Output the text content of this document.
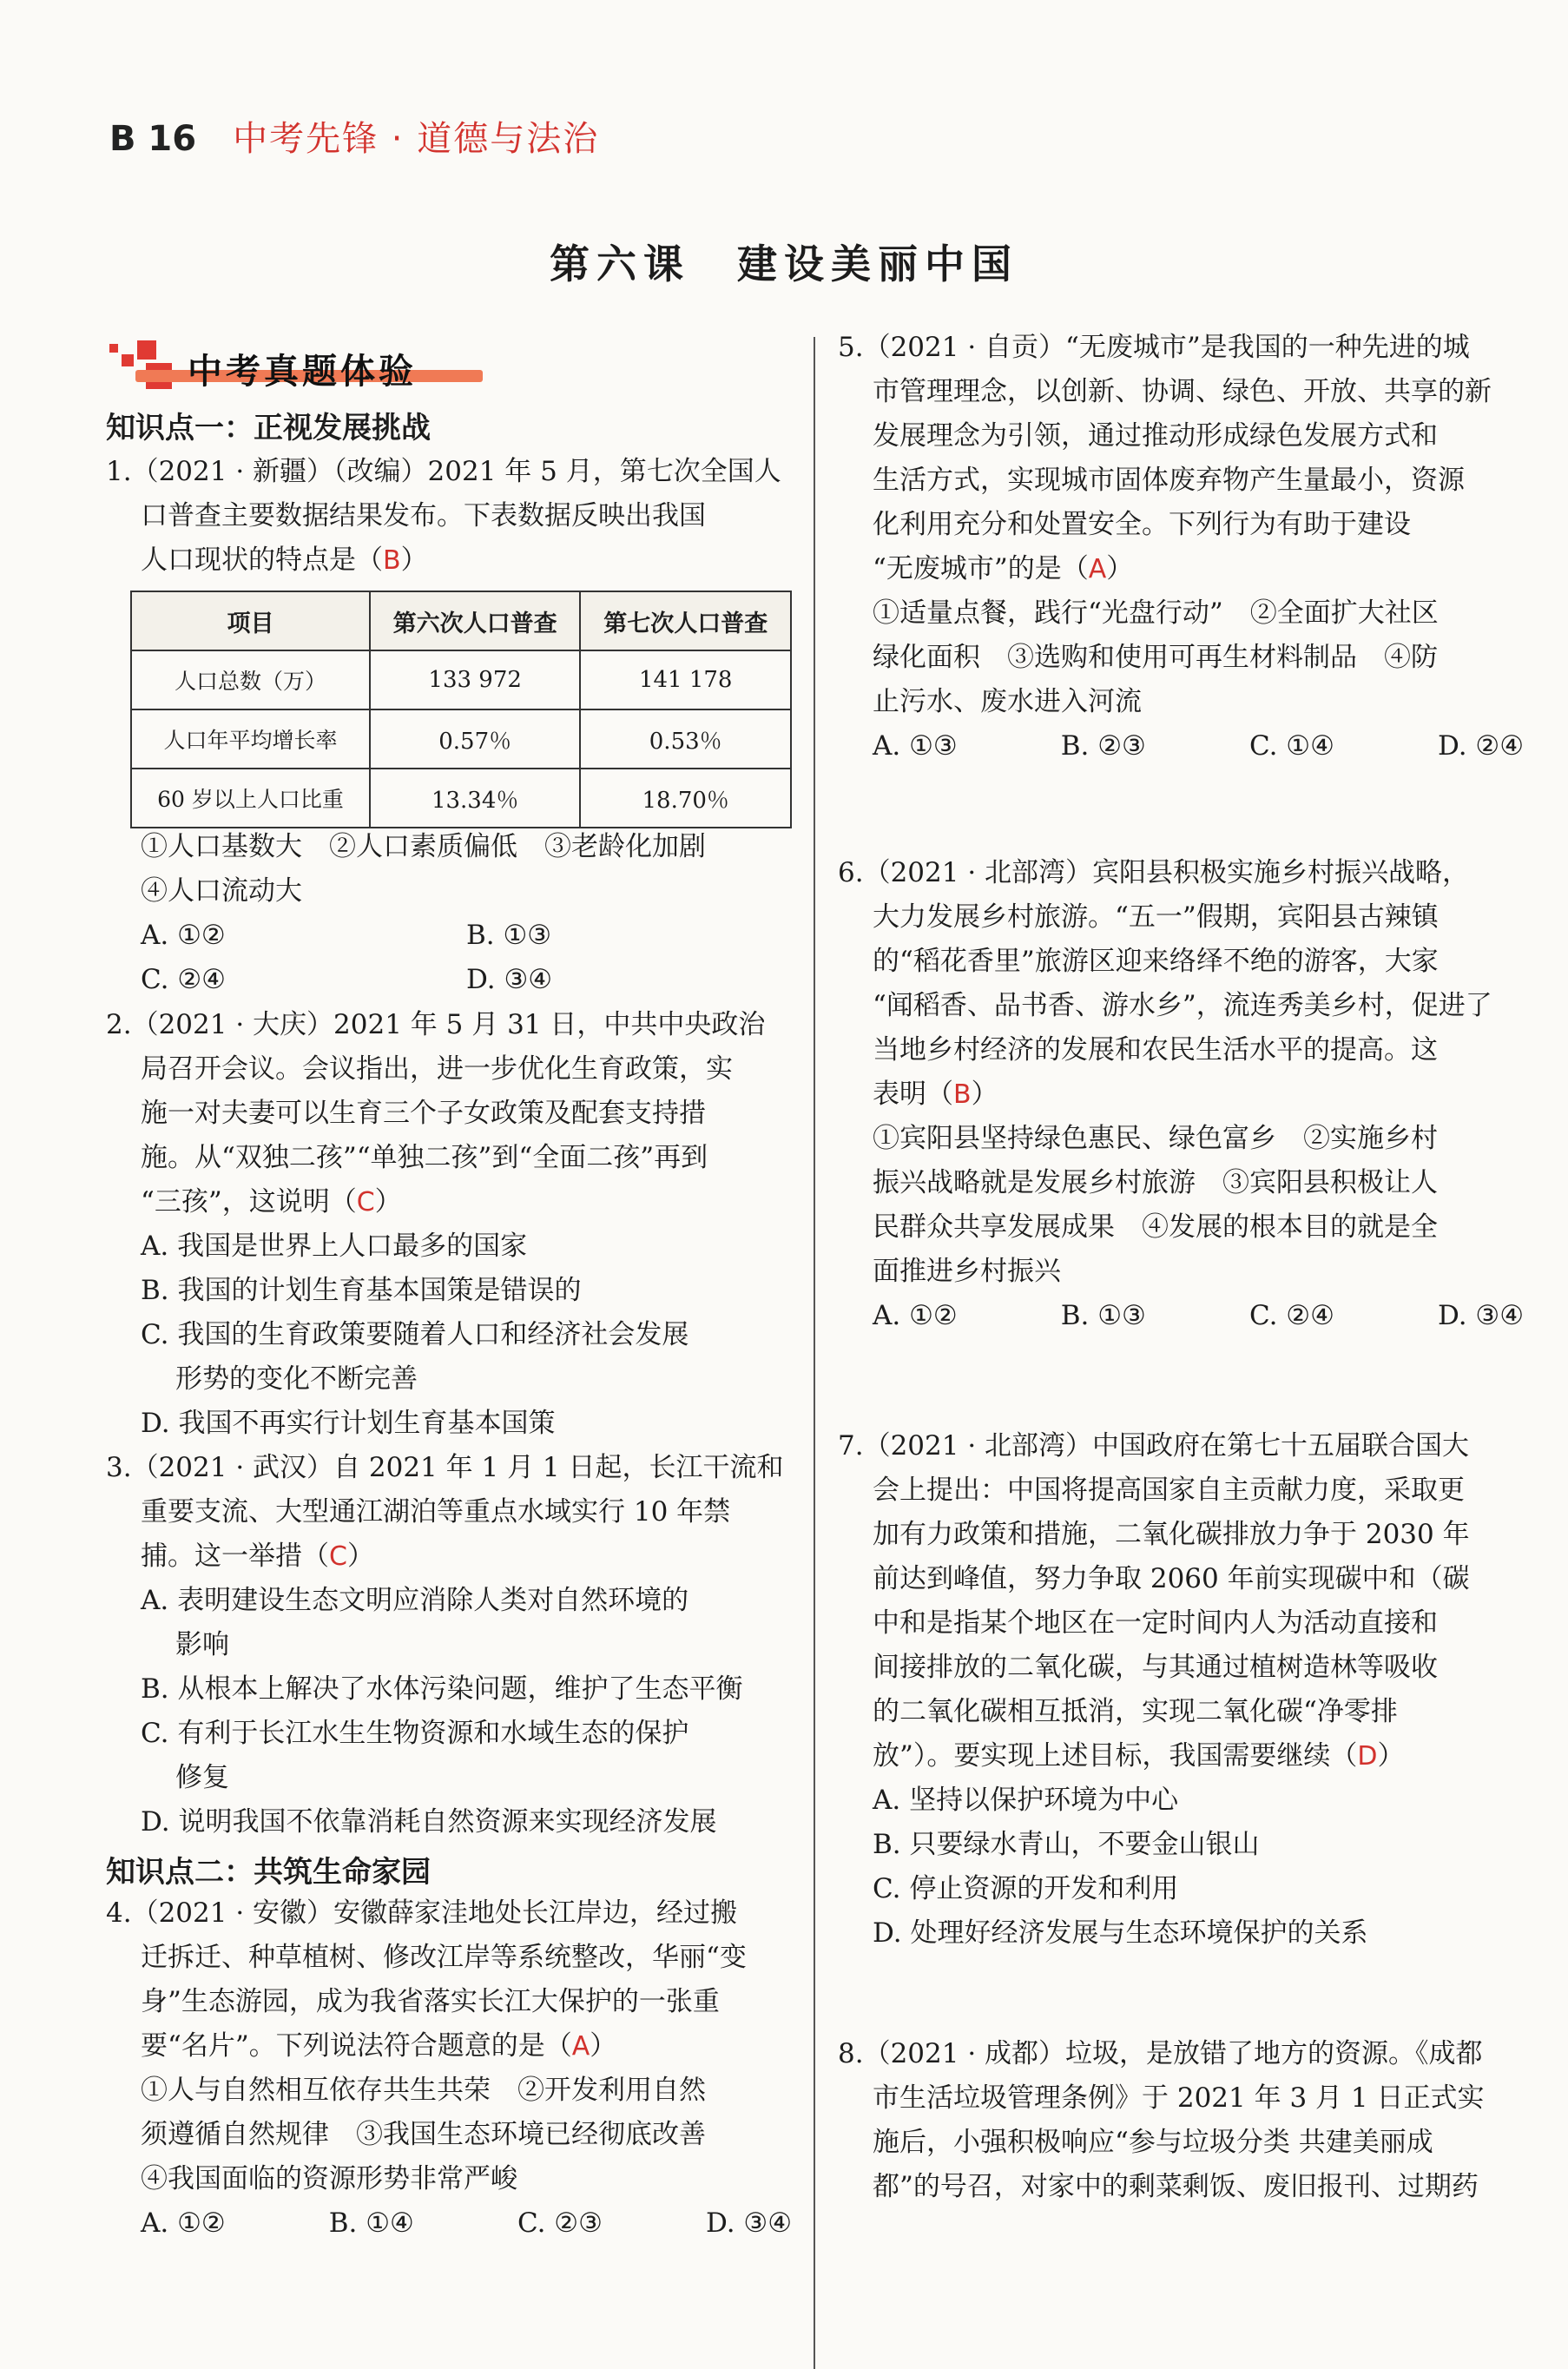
B 16 中考先锋 · 道德与法治
第六课　建设美丽中国
中考真题体验
知识点一：正视发展挑战
1.（2021 · 新疆）（改编）2021 年 5 月，第七次全国人
口普查主要数据结果发布。下表数据反映出我国
人口现状的特点是（B）
项目	第六次人口普查	第七次人口普查
人口总数（万）	133 972	141 178
人口年平均增长率	0.57％	0.53％
60 岁以上人口比重	13.34％	18.70％
①人口基数大　②人口素质偏低　③老龄化加剧
④人口流动大
A. ①②	B. ①③
C. ②④	D. ③④
2.（2021 · 大庆）2021 年 5 月 31 日，中共中央政治
局召开会议。会议指出，进一步优化生育政策，实
施一对夫妻可以生育三个子女政策及配套支持措
施。从“双独二孩”“单独二孩”到“全面二孩”再到
“三孩”，这说明（C）
A. 我国是世界上人口最多的国家
B. 我国的计划生育基本国策是错误的
C. 我国的生育政策要随着人口和经济社会发展
形势的变化不断完善
D. 我国不再实行计划生育基本国策
3.（2021 · 武汉）自 2021 年 1 月 1 日起，长江干流和
重要支流、大型通江湖泊等重点水域实行 10 年禁
捕。这一举措（C）
A. 表明建设生态文明应消除人类对自然环境的
影响
B. 从根本上解决了水体污染问题，维护了生态平衡
C. 有利于长江水生生物资源和水域生态的保护
修复
D. 说明我国不依靠消耗自然资源来实现经济发展
知识点二：共筑生命家园
4.（2021 · 安徽）安徽薛家洼地处长江岸边，经过搬
迁拆迁、种草植树、修改江岸等系统整改，华丽“变
身”生态游园，成为我省落实长江大保护的一张重
要“名片”。下列说法符合题意的是（A）
①人与自然相互依存共生共荣　②开发利用自然
须遵循自然规律　③我国生态环境已经彻底改善
④我国面临的资源形势非常严峻
A. ①②	B. ①④	C. ②③	D. ③④
5.（2021 · 自贡）“无废城市”是我国的一种先进的城
市管理理念，以创新、协调、绿色、开放、共享的新
发展理念为引领，通过推动形成绿色发展方式和
生活方式，实现城市固体废弃物产生量最小，资源
化利用充分和处置安全。下列行为有助于建设
“无废城市”的是（A）
①适量点餐，践行“光盘行动”　②全面扩大社区
绿化面积　③选购和使用可再生材料制品　④防
止污水、废水进入河流
A. ①③	B. ②③	C. ①④	D. ②④
6.（2021 · 北部湾）宾阳县积极实施乡村振兴战略，
大力发展乡村旅游。“五一”假期，宾阳县古辣镇
的“稻花香里”旅游区迎来络绎不绝的游客，大家
“闻稻香、品书香、游水乡”，流连秀美乡村，促进了
当地乡村经济的发展和农民生活水平的提高。这
表明（B）
①宾阳县坚持绿色惠民、绿色富乡　②实施乡村
振兴战略就是发展乡村旅游　③宾阳县积极让人
民群众共享发展成果　④发展的根本目的就是全
面推进乡村振兴
A. ①②	B. ①③	C. ②④	D. ③④
7.（2021 · 北部湾）中国政府在第七十五届联合国大
会上提出：中国将提高国家自主贡献力度，采取更
加有力政策和措施，二氧化碳排放力争于 2030 年
前达到峰值，努力争取 2060 年前实现碳中和（碳
中和是指某个地区在一定时间内人为活动直接和
间接排放的二氧化碳，与其通过植树造林等吸收
的二氧化碳相互抵消，实现二氧化碳“净零排
放”）。要实现上述目标，我国需要继续（D）
A. 坚持以保护环境为中心
B. 只要绿水青山，不要金山银山
C. 停止资源的开发和利用
D. 处理好经济发展与生态环境保护的关系
8.（2021 · 成都）垃圾，是放错了地方的资源。《成都
市生活垃圾管理条例》于 2021 年 3 月 1 日正式实
施后，小强积极响应“参与垃圾分类 共建美丽成
都”的号召，对家中的剩菜剩饭、废旧报刊、过期药
